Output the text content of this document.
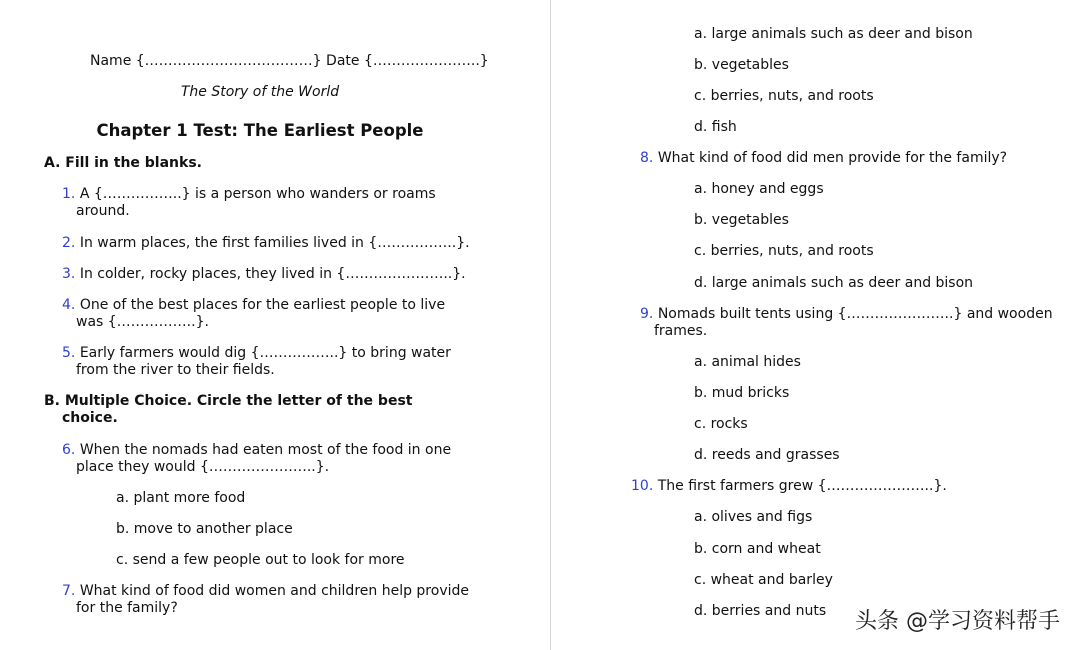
Name {………………………………} Date {…………………..}
The Story of the World
Chapter 1 Test: The Earliest People
A. Fill in the blanks.
1. A {……………..} is a person who wanders or roams
around.
2. In warm places, the first families lived in {……………..}.
3. In colder, rocky places, they lived in {…………………..}.
4. One of the best places for the earliest people to live
was {……………..}.
5. Early farmers would dig {……………..} to bring water
from the river to their fields.
B. Multiple Choice. Circle the letter of the best
choice.
6. When the nomads had eaten most of the food in one
place they would {…………………..}.
a. plant more food
b. move to another place
c. send a few people out to look for more
7. What kind of food did women and children help provide
for the family?
a. large animals such as deer and bison
b. vegetables
c. berries, nuts, and roots
d. fish
8. What kind of food did men provide for the family?
a. honey and eggs
b. vegetables
c. berries, nuts, and roots
d. large animals such as deer and bison
9. Nomads built tents using {…………………..} and wooden
frames.
a. animal hides
b. mud bricks
c. rocks
d. reeds and grasses
10. The first farmers grew {…………………..}.
a. olives and figs
b. corn and wheat
c. wheat and barley
d. berries and nuts 头条 @学习资料帮手
